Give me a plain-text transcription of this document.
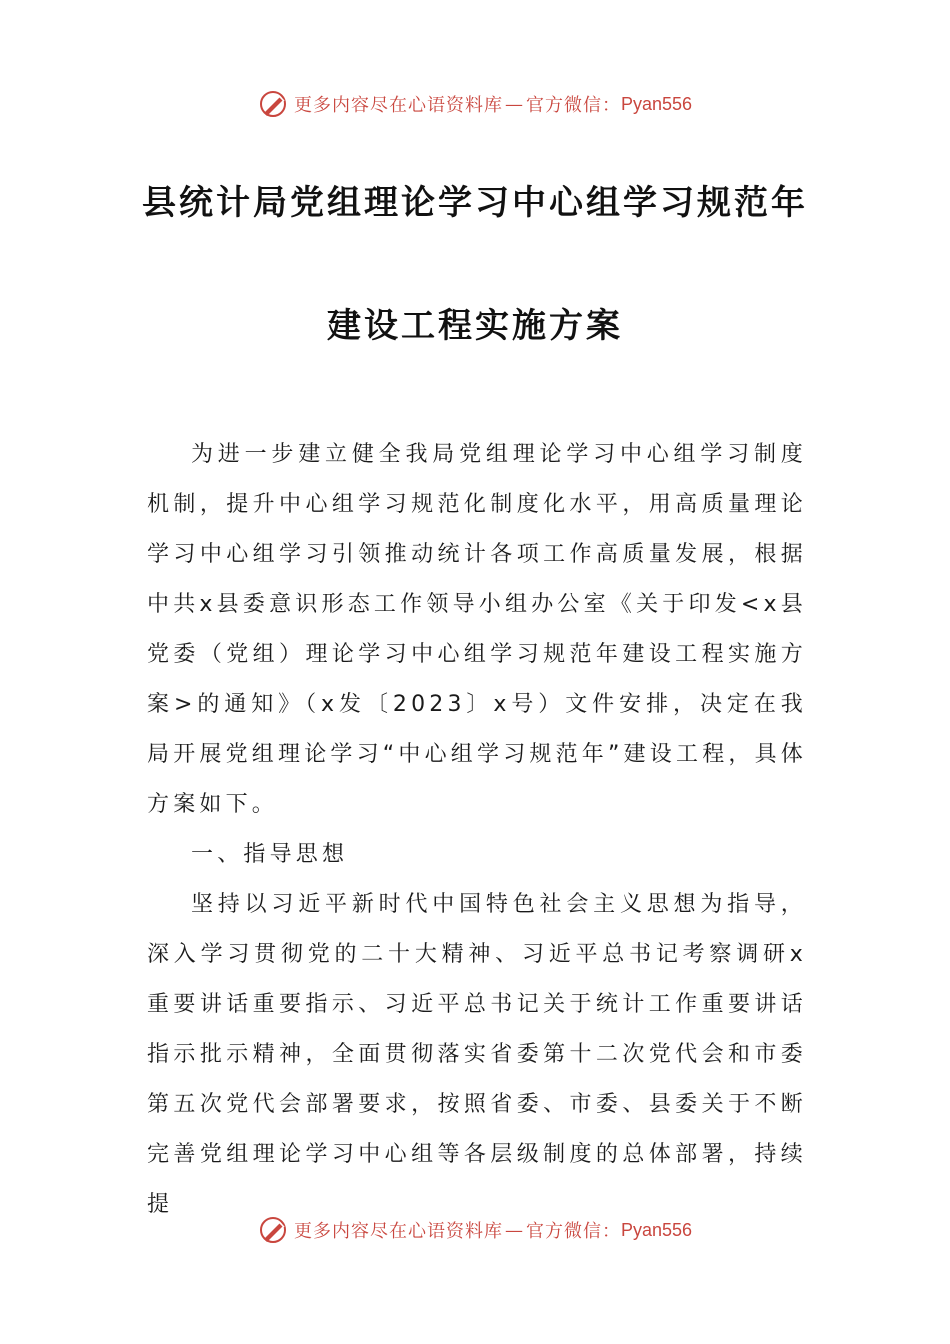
更多内容尽在心语资料库 — 官方微信： Pyan556
县统计局党组理论学习中心组学习规范年
建设工程实施方案

为进一步建立健全我局党组理论学习中心组学习制度机制，提升中心组学习规范化制度化水平，用高质量理论学习中心组学习引领推动统计各项工作高质量发展，根据中共x县委意识形态工作领导小组办公室《关于印发<x县党委（党组）理论学习中心组学习规范年建设工程实施方案>的通知》（x发〔2023〕x号）文件安排，决定在我局开展党组理论学习“中心组学习规范年”建设工程，具体方案如下。

一、指导思想

坚持以习近平新时代中国特色社会主义思想为指导，深入学习贯彻党的二十大精神、习近平总书记考察调研x重要讲话重要指示、习近平总书记关于统计工作重要讲话指示批示精神，全面贯彻落实省委第十二次党代会和市委第五次党代会部署要求，按照省委、市委、县委关于不断完善党组理论学习中心组等各层级制度的总体部署，持续提

更多内容尽在心语资料库 — 官方微信： Pyan556
